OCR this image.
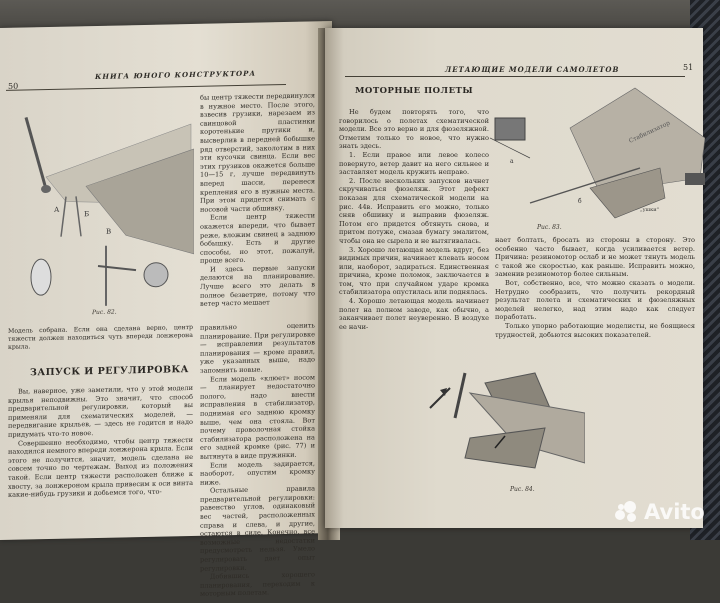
50
КНИГА ЮНОГО КОНСТРУКТОРА
А
Б
В
Рис. 82.
Модель собрана. Если она сделана верно, центр тяжести должен находиться чуть впереди лонжерона крыла.

бы центр тяжести передвинулся в нужное место. После этого, взвесив грузики, нарезаем из свинцовой пластинки коротенькие прутики и, высверлив в передней бобышке ряд отверстий, заколотим в них эти кусочки свинца. Если вес этих грузиков окажется больше 10—15 г, лучше передвинуть вперед шасси, перенеся крепления его в нужные места. При этом придется снимать с носовой части обшивку.

Если центр тяжести окажется впереди, что бывает реже, вложим свинец в заднюю бобышку. Есть и другие способы, но этот, пожалуй, проще всего.

И здесь первые запуски делаются на планирование. Лучше всего это делать в полное безветрие, потому что ветер часто мешает

ЗАПУСК И РЕГУЛИРОВКА

Вы, наверное, уже заметили, что у этой модели крылья неподвижны. Это значит, что способ предварительной регулировки, который вы применяли для схематических моделей, — передвигание крыльев, — здесь не годится и надо придумать что-то новое.

Совершенно необходимо, чтобы центр тяжести находился немного впереди лонжерона крыла. Если этого не получится, значит, модель сделана не совсем точно по чертежам. Выход из положения такой. Если центр тяжести расположен ближе к хвосту, за лонжероном крыла привесим к оси винта какие-нибудь грузики и добьемся того, что-

правильно оценить планирование. При регулировке — исправлении результатов планирования — кроме правил, уже указанных выше, надо запомнить новые.

Если модель «клюет» носом — планирует недостаточно полого, надо внести исправления в стабилизатор, поднимая его заднюю кромку выше, чем она стояла. Вот почему проволочная стойка стабилизатора расположена на его задней кромке (рис. 77) и вытянута в виде пружинки.

Если модель задирается, наоборот, опустим кромку ниже.

Остальные правила предварительной регулировки: равенство углов, одинаковый вес частей, расположенных справа и слева, и другие, остаются в силе. Конечно, все возможные недостатки предусмотреть нельзя. Умело регулировать дает опыт регулировки.

Добившись хорошего планирования, переходим к моторным полетам.

ЛЕТАЮЩИЕ МОДЕЛИ САМОЛЕТОВ	51
МОТОРНЫЕ ПОЛЕТЫ

Не будем повторять того, что говорилось о полетах схематической модели. Все это верно и для фюзеляжной. Отметим только то новое, что нужно знать здесь.

1. Если правое или левое колесо повернуто, ветер давит на него сильнее и заставляет модель кружить неправо.

2. После нескольких запусков начнет скручиваться фюзеляж. Этот дефект показан для схематической модели на рис. 44в. Исправить его можно, только сняв обшивку и выправив фюзеляж. Потом его придется обтянуть снова, и притом потуже, смазав бумагу эмалитом, чтобы она не сырела и не вытягивалась.

3. Хорошо летающая модель вдруг, без видимых причин, начинает клевать носом или, наоборот, задираться. Единственная причина, кроме поломок, заключается в том, что при случайном ударе кромка стабилизатора опустилась или поднялась.

4. Хорошо летающая модель начинает полет на полном заводе, как обычно, а заканчивает полет неуверенно. В воздухе ее начи-

Стабилизатор
а
б
„ушки"
Рис. 83.

нает болтать, бросать из стороны в сторону. Это особенно часто бывает, когда усиливается ветер. Причина: резиномотор ослаб и не может тянуть модель с такой же скоростью, как раньше. Исправить можно, заменив резиномотор более сильным.

Вот, собственно, все, что можно сказать о модели. Нетрудно сообразить, что получить рекордный результат полета и схематических и фюзеляжных моделей нелегко, над этим надо как следует поработать.

Только упорно работающие моделисты, не боящиеся трудностей, добьются высоких показателей.

Рис. 84.
Avito
